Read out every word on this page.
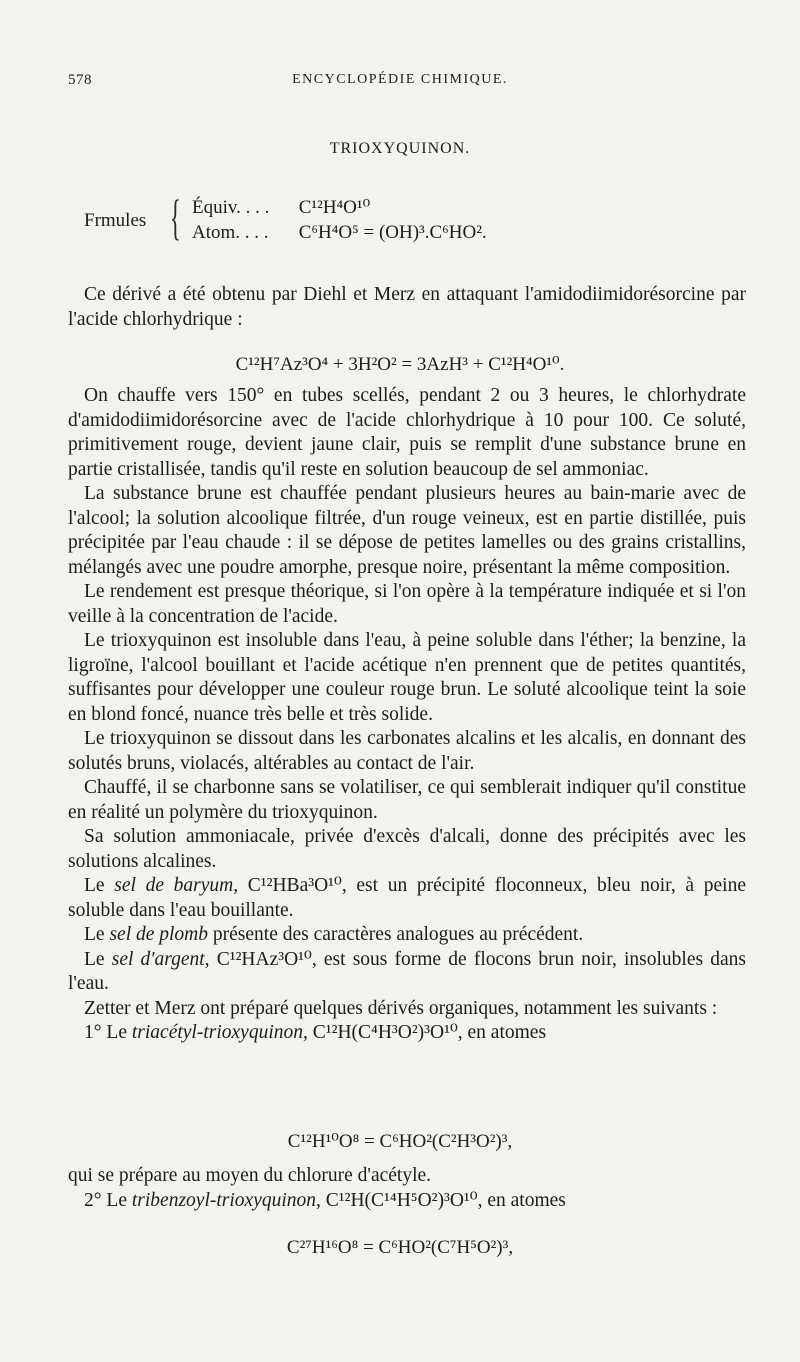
578	ENCYCLOPÉDIE CHIMIQUE.
TRIOXYQUINON.
Frmules { Équiv. . . . C¹²H⁴O¹⁰
Atom. . . . C⁶H⁴O⁵ = (OH)³.C⁶HO².

Ce dérivé a été obtenu par Diehl et Merz en attaquant l'amidodiimidorésorcine par l'acide chlorhydrique :

C¹²H⁷Az³O⁴ + 3H²O² = 3AzH³ + C¹²H⁴O¹⁰.

On chauffe vers 150° en tubes scellés, pendant 2 ou 3 heures, le chlorhydrate d'amidodiimidorésorcine avec de l'acide chlorhydrique à 10 pour 100. Ce soluté, primitivement rouge, devient jaune clair, puis se remplit d'une substance brune en partie cristallisée, tandis qu'il reste en solution beaucoup de sel ammoniac.

La substance brune est chauffée pendant plusieurs heures au bain-marie avec de l'alcool; la solution alcoolique filtrée, d'un rouge veineux, est en partie distillée, puis précipitée par l'eau chaude : il se dépose de petites lamelles ou des grains cristallins, mélangés avec une poudre amorphe, presque noire, présentant la même composition.

Le rendement est presque théorique, si l'on opère à la température indiquée et si l'on veille à la concentration de l'acide.

Le trioxyquinon est insoluble dans l'eau, à peine soluble dans l'éther; la benzine, la ligroïne, l'alcool bouillant et l'acide acétique n'en prennent que de petites quantités, suffisantes pour développer une couleur rouge brun. Le soluté alcoolique teint la soie en blond foncé, nuance très belle et très solide.

Le trioxyquinon se dissout dans les carbonates alcalins et les alcalis, en donnant des solutés bruns, violacés, altérables au contact de l'air.

Chauffé, il se charbonne sans se volatiliser, ce qui semblerait indiquer qu'il constitue en réalité un polymère du trioxyquinon.

Sa solution ammoniacale, privée d'excès d'alcali, donne des précipités avec les solutions alcalines.

Le sel de baryum, C¹²HBa³O¹⁰, est un précipité floconneux, bleu noir, à peine soluble dans l'eau bouillante.

Le sel de plomb présente des caractères analogues au précédent.

Le sel d'argent, C¹²HAz³O¹⁰, est sous forme de flocons brun noir, insolubles dans l'eau.

Zetter et Merz ont préparé quelques dérivés organiques, notamment les suivants :

1° Le triacétyl-trioxyquinon, C¹²H(C⁴H³O²)³O¹⁰, en atomes

C¹²H¹⁰O⁸ = C⁶HO²(C²H³O²)³,

qui se prépare au moyen du chlorure d'acétyle.

2° Le tribenzoyl-trioxyquinon, C¹²H(C¹⁴H⁵O²)³O¹⁰, en atomes

C²⁷H¹⁶O⁸ = C⁶HO²(C⁷H⁵O²)³,
